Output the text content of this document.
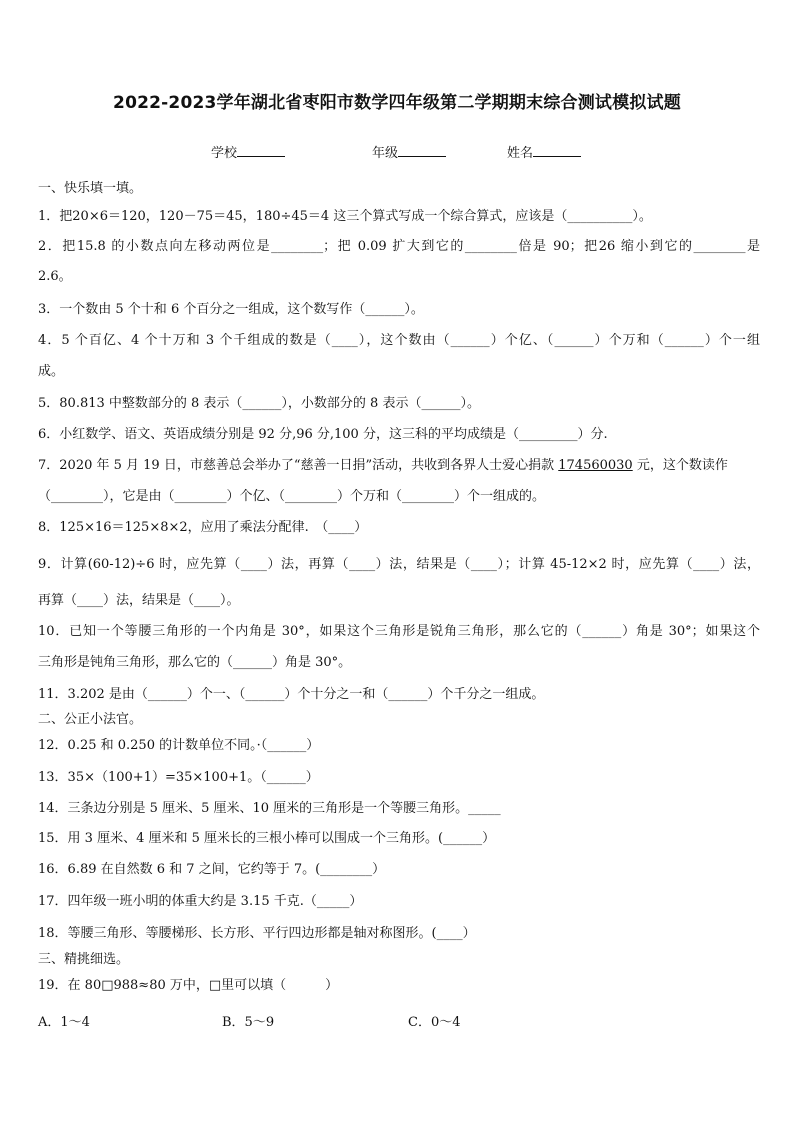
2022-2023学年湖北省枣阳市数学四年级第二学期期末综合测试模拟试题
学校	年级	姓名
一、快乐填一填。
1．把20×6＝120，120－75＝45，180÷45＝4 这三个算式写成一个综合算式，应该是（__________）。
2．把15.8 的小数点向左移动两位是________；把 0.09 扩大到它的________倍是 90；把26 缩小到它的________是
2.6。
3．一个数由 5 个十和 6 个百分之一组成，这个数写作（______）。
4．5 个百亿、4 个十万和 3 个千组成的数是（____），这个数由（______）个亿、（______）个万和（______）个一组
成。
5．80.813 中整数部分的 8 表示（______），小数部分的 8 表示（______）。
6．小红数学、语文、英语成绩分别是 92 分,96 分,100 分，这三科的平均成绩是（_________）分.
7．2020 年 5 月 19 日，市慈善总会举办了“慈善一日捐”活动，共收到各界人士爱心捐款 174560030 元，这个数读作
（________），它是由（________）个亿、（________）个万和（________）个一组成的。
8．125×16＝125×8×2，应用了乘法分配律.　（____）
9．计算(60-12)÷6 时，应先算（____）法，再算（____）法，结果是（____）；计算 45-12×2 时，应先算（____）法，
再算（____）法，结果是（____）。
10．已知一个等腰三角形的一个内角是 30°，如果这个三角形是锐角三角形，那么它的（______）角是 30°；如果这个
三角形是钝角三角形，那么它的（______）角是 30°。
11．3.202 是由（______）个一、（______）个十分之一和（______）个千分之一组成。
二、公正小法官。
12．0.25 和 0.250 的计数单位不同。·（______）
13．35×（100+1）=35×100+1。（______）
14．三条边分别是 5 厘米、5 厘米、10 厘米的三角形是一个等腰三角形。_____
15．用 3 厘米、4 厘米和 5 厘米长的三根小棒可以围成一个三角形。(______）
16．6.89 在自然数 6 和 7 之间，它约等于 7。(________）
17．四年级一班小明的体重大约是 3.15 千克.（_____）
18．等腰三角形、等腰梯形、长方形、平行四边形都是轴对称图形。(____）
三、精挑细选。
19．在 80□988≈80 万中，□里可以填（　　　）
A．1～4	B．5～9	C．0～4
